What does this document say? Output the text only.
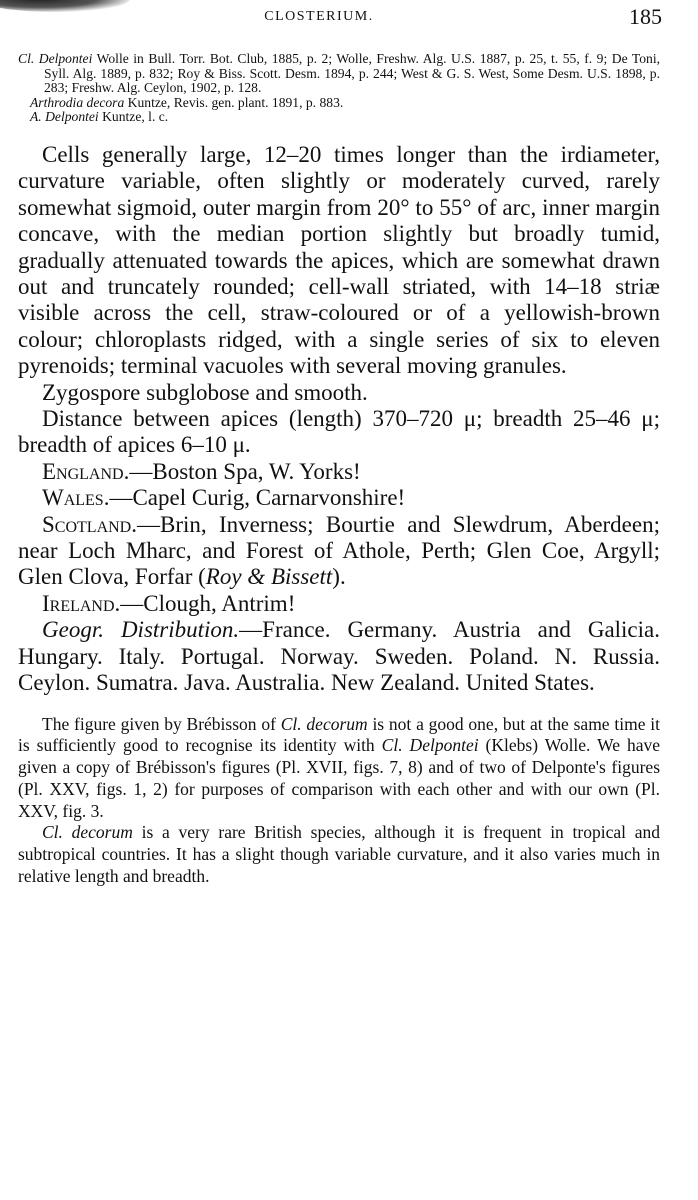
CLOSTERIUM.	185

Cl. Delpontei Wolle in Bull. Torr. Bot. Club, 1885, p. 2; Wolle, Freshw. Alg. U.S. 1887, p. 25, t. 55, f. 9; De Toni, Syll. Alg. 1889, p. 832; Roy & Biss. Scott. Desm. 1894, p. 244; West & G. S. West, Some Desm. U.S. 1898, p. 283; Freshw. Alg. Ceylon, 1902, p. 128.

Arthrodia decora Kuntze, Revis. gen. plant. 1891, p. 883.

A. Delpontei Kuntze, l. c.

Cells generally large, 12–20 times longer than the irdiameter, curvature variable, often slightly or moderately curved, rarely somewhat sigmoid, outer margin from 20° to 55° of arc, inner margin concave, with the median portion slightly but broadly tumid, gradually attenuated towards the apices, which are somewhat drawn out and truncately rounded; cell-wall striated, with 14–18 striæ visible across the cell, straw-coloured or of a yellowish-brown colour; chloroplasts ridged, with a single series of six to eleven pyrenoids; terminal vacuoles with several moving granules.

Zygospore subglobose and smooth.

Distance between apices (length) 370–720 μ; breadth 25–46 μ; breadth of apices 6–10 μ.

England.—Boston Spa, W. Yorks!

Wales.—Capel Curig, Carnarvonshire!

Scotland.—Brin, Inverness; Bourtie and Slewdrum, Aberdeen; near Loch Mharc, and Forest of Athole, Perth; Glen Coe, Argyll; Glen Clova, Forfar (Roy & Bissett).

Ireland.—Clough, Antrim!

Geogr. Distribution.—France. Germany. Austria and Galicia. Hungary. Italy. Portugal. Norway. Sweden. Poland. N. Russia. Ceylon. Sumatra. Java. Australia. New Zealand. United States.

The figure given by Brébisson of Cl. decorum is not a good one, but at the same time it is sufficiently good to recognise its identity with Cl. Delpontei (Klebs) Wolle. We have given a copy of Brébisson's figures (Pl. XVII, figs. 7, 8) and of two of Delponte's figures (Pl. XXV, figs. 1, 2) for purposes of comparison with each other and with our own (Pl. XXV, fig. 3.

Cl. decorum is a very rare British species, although it is frequent in tropical and subtropical countries. It has a slight though variable curvature, and it also varies much in relative length and breadth.
